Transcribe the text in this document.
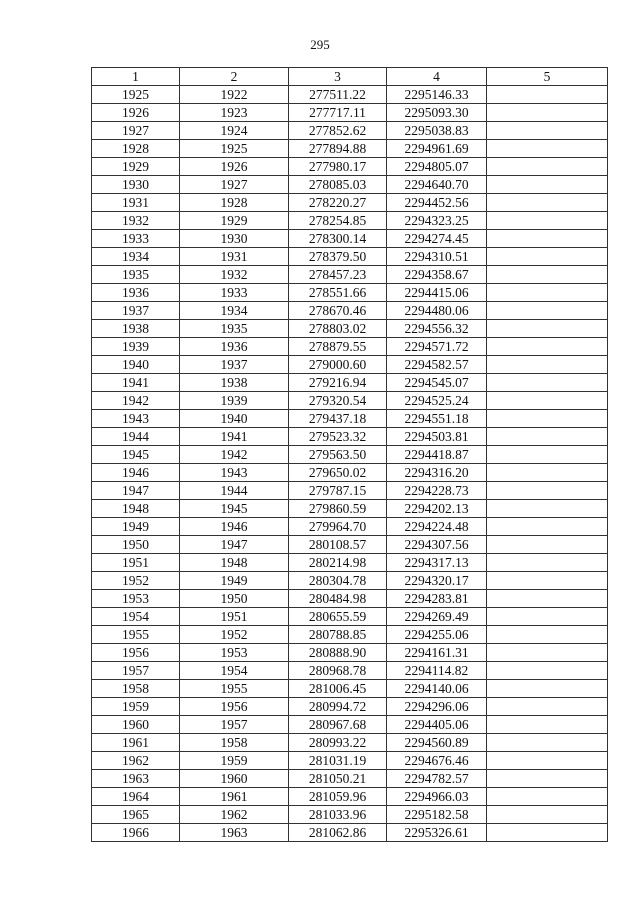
295
1	2	3	4	5
1925	1922	277511.22	2295146.33	
1926	1923	277717.11	2295093.30	
1927	1924	277852.62	2295038.83	
1928	1925	277894.88	2294961.69	
1929	1926	277980.17	2294805.07	
1930	1927	278085.03	2294640.70	
1931	1928	278220.27	2294452.56	
1932	1929	278254.85	2294323.25	
1933	1930	278300.14	2294274.45	
1934	1931	278379.50	2294310.51	
1935	1932	278457.23	2294358.67	
1936	1933	278551.66	2294415.06	
1937	1934	278670.46	2294480.06	
1938	1935	278803.02	2294556.32	
1939	1936	278879.55	2294571.72	
1940	1937	279000.60	2294582.57	
1941	1938	279216.94	2294545.07	
1942	1939	279320.54	2294525.24	
1943	1940	279437.18	2294551.18	
1944	1941	279523.32	2294503.81	
1945	1942	279563.50	2294418.87	
1946	1943	279650.02	2294316.20	
1947	1944	279787.15	2294228.73	
1948	1945	279860.59	2294202.13	
1949	1946	279964.70	2294224.48	
1950	1947	280108.57	2294307.56	
1951	1948	280214.98	2294317.13	
1952	1949	280304.78	2294320.17	
1953	1950	280484.98	2294283.81	
1954	1951	280655.59	2294269.49	
1955	1952	280788.85	2294255.06	
1956	1953	280888.90	2294161.31	
1957	1954	280968.78	2294114.82	
1958	1955	281006.45	2294140.06	
1959	1956	280994.72	2294296.06	
1960	1957	280967.68	2294405.06	
1961	1958	280993.22	2294560.89	
1962	1959	281031.19	2294676.46	
1963	1960	281050.21	2294782.57	
1964	1961	281059.96	2294966.03	
1965	1962	281033.96	2295182.58	
1966	1963	281062.86	2295326.61	
